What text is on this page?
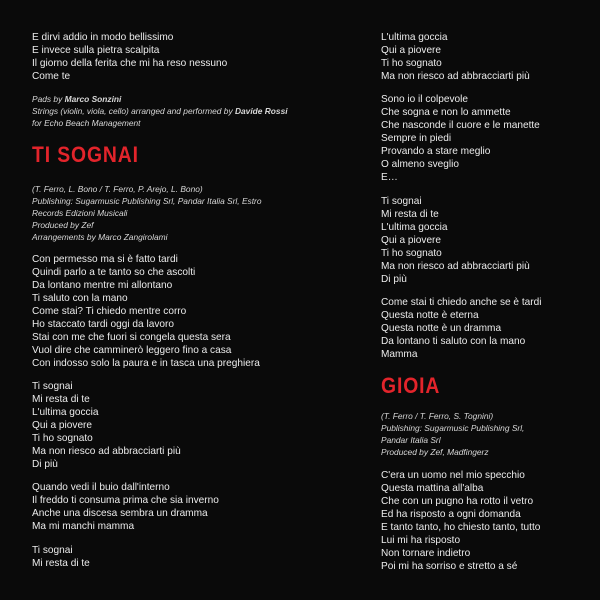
E dirvi addio in modo bellissimo
E invece sulla pietra scalpita
Il giorno della ferita che mi ha reso nessuno
Come te
Pads by Marco Sonzini
Strings (violin, viola, cello) arranged and performed by Davide Rossi
for Echo Beach Management
TI SOGNAI
(T. Ferro, L. Bono / T. Ferro, P. Arejo, L. Bono)
Publishing: Sugarmusic Publishing Srl, Pandar Italia Srl, Estro
Records Edizioni Musicali
Produced by Zef
Arrangements by Marco Zangirolami
Con permesso ma si è fatto tardi
Quindi parlo a te tanto so che ascolti
Da lontano mentre mi allontano
Ti saluto con la mano
Come stai? Ti chiedo mentre corro
Ho staccato tardi oggi da lavoro
Stai con me che fuori si congela questa sera
Vuol dire che camminerò leggero fino a casa
Con indosso solo la paura e in tasca una preghiera
Ti sognai
Mi resta di te
L'ultima goccia
Qui a piovere
Ti ho sognato
Ma non riesco ad abbracciarti più
Di più
Quando vedi il buio dall'interno
Il freddo ti consuma prima che sia inverno
Anche una discesa sembra un dramma
Ma mi manchi mamma
Ti sognai
Mi resta di te
L'ultima goccia
Qui a piovere
Ti ho sognato
Ma non riesco ad abbracciarti più
Sono io il colpevole
Che sogna e non lo ammette
Che nasconde il cuore e le manette
Sempre in piedi
Provando a stare meglio
O almeno sveglio
E…
Ti sognai
Mi resta di te
L'ultima goccia
Qui a piovere
Ti ho sognato
Ma non riesco ad abbracciarti più
Di più
Come stai ti chiedo anche se è tardi
Questa notte è eterna
Questa notte è un dramma
Da lontano ti saluto con la mano
Mamma
GIOIA
(T. Ferro / T. Ferro, S. Tognini)
Publishing: Sugarmusic Publishing Srl,
Pandar Italia Srl
Produced by Zef, Madfingerz
C'era un uomo nel mio specchio
Questa mattina all'alba
Che con un pugno ha rotto il vetro
Ed ha risposto a ogni domanda
E tanto tanto, ho chiesto tanto, tutto
Lui mi ha risposto
Non tornare indietro
Poi mi ha sorriso e stretto a sé
